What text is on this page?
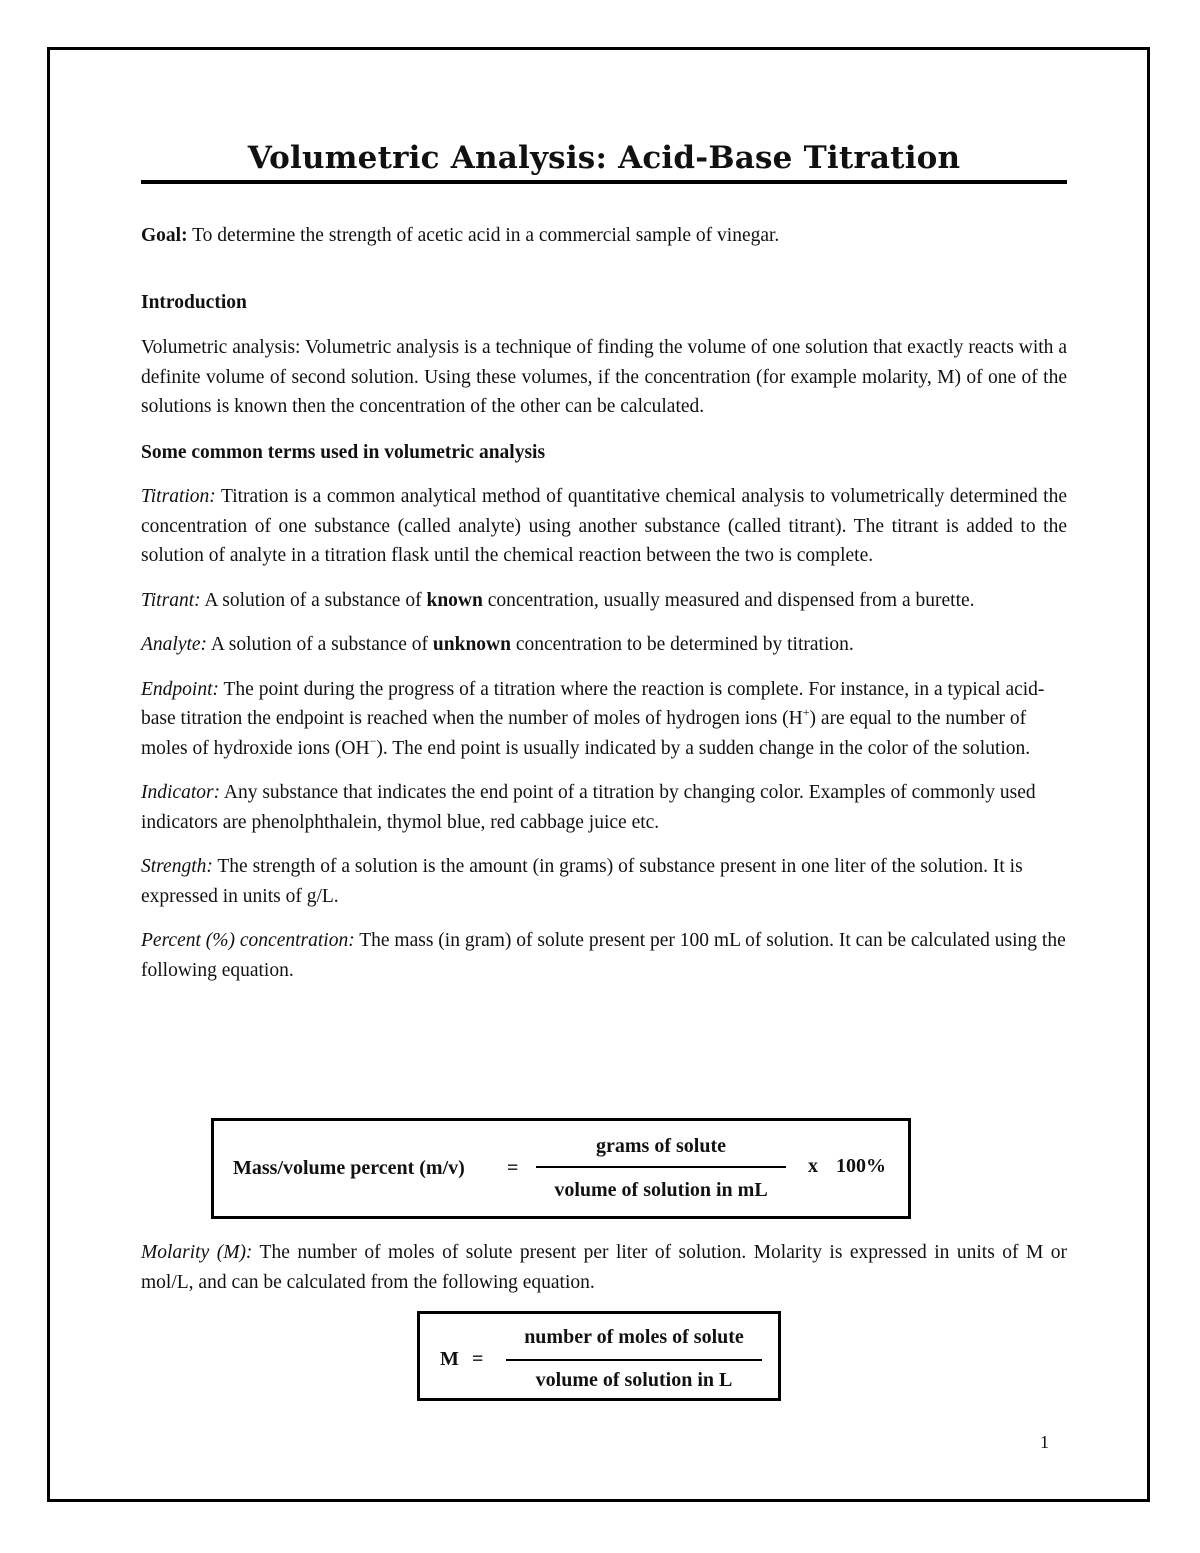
Volumetric Analysis: Acid-Base Titration

Goal: To determine the strength of acetic acid in a commercial sample of vinegar.

Introduction

Volumetric analysis: Volumetric analysis is a technique of finding the volume of one solution that exactly reacts with a definite volume of second solution. Using these volumes, if the concentration (for example molarity, M) of one of the solutions is known then the concentration of the other can be calculated.

Some common terms used in volumetric analysis

Titration: Titration is a common analytical method of quantitative chemical analysis to volumetrically determined the concentration of one substance (called analyte) using another substance (called titrant). The titrant is added to the solution of analyte in a titration flask until the chemical reaction between the two is complete.

Titrant: A solution of a substance of known concentration, usually measured and dispensed from a burette.

Analyte: A solution of a substance of unknown concentration to be determined by titration.

Endpoint: The point during the progress of a titration where the reaction is complete. For instance, in a typical acid-base titration the endpoint is reached when the number of moles of hydrogen ions (H+) are equal to the number of moles of hydroxide ions (OH−). The end point is usually indicated by a sudden change in the color of the solution.

Indicator: Any substance that indicates the end point of a titration by changing color. Examples of commonly used indicators are phenolphthalein, thymol blue, red cabbage juice etc.

Strength: The strength of a solution is the amount (in grams) of substance present in one liter of the solution. It is expressed in units of g/L.

Percent (%) concentration: The mass (in gram) of solute present per 100 mL of solution. It can be calculated using the following equation.

Mass/volume percent (m/v) =
grams of solute
volume of solution in mL
x 100%

Molarity (M): The number of moles of solute present per liter of solution. Molarity is expressed in units of M or mol/L, and can be calculated from the following equation.

M =
number of moles of solute
volume of solution in L
1
